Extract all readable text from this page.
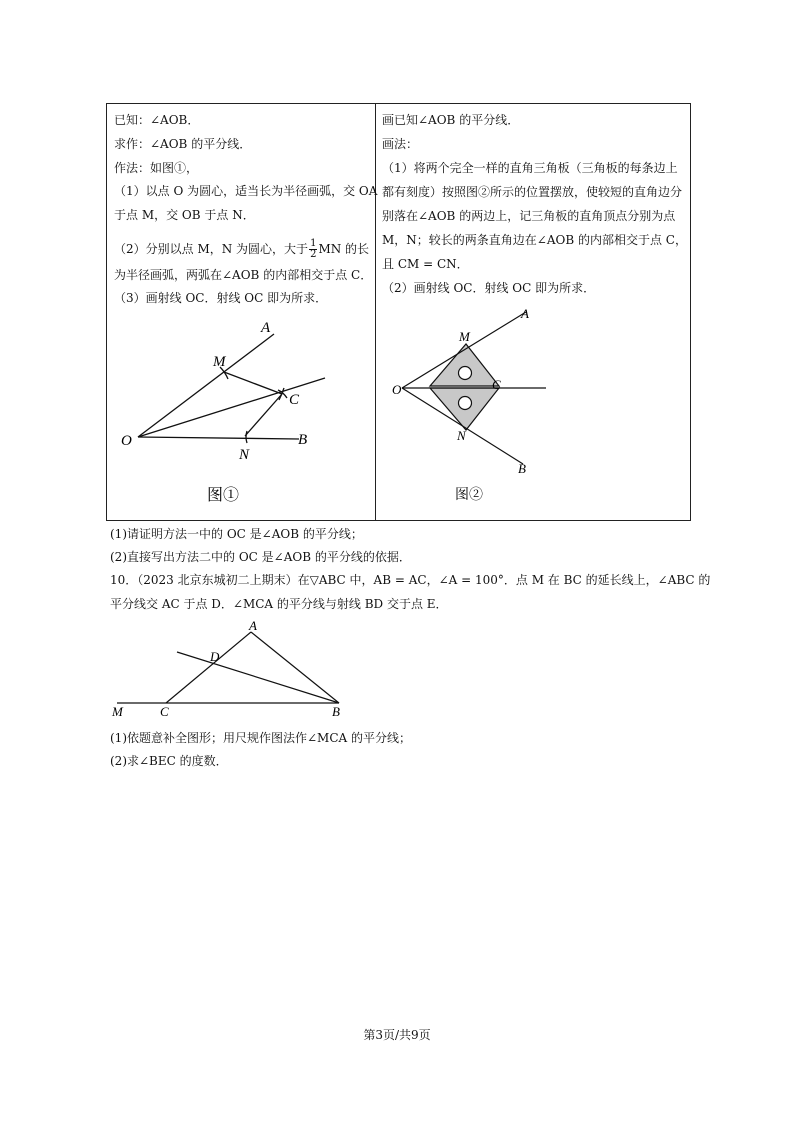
已知：∠AOB．
求作：∠AOB 的平分线．
作法：如图①，
（1）以点 O 为圆心，适当长为半径画弧，交 OA
于点 M，交 OB 于点 N．
（2）分别以点 M，N 为圆心，大于 $\frac{1}{2}$ MN 的长
为半径画弧，两弧在∠AOB 的内部相交于点 C．
（3）画射线 OC．射线 OC 即为所求．
A
M
C
O
N
B
图①
画已知∠AOB 的平分线．
画法：
（1）将两个完全一样的直角三角板（三角板的每条边上
都有刻度）按照图②所示的位置摆放，使较短的直角边分
别落在∠AOB 的两边上，记三角板的直角顶点分别为点
M，N；较长的两条直角边在∠AOB 的内部相交于点 C，
且 CM = CN．
（2）画射线 OC．射线 OC 即为所求．
A
M
O	C
N
B
图②
(1)请证明方法一中的 OC 是∠AOB 的平分线；
(2)直接写出方法二中的 OC 是∠AOB 的平分线的依据．
10．（2023 北京东城初二上期末）在▽ABC 中，AB = AC，∠A = 100°．点 M 在 BC 的延长线上，∠ABC 的
平分线交 AC 于点 D．∠MCA 的平分线与射线 BD 交于点 E．
A
D
M	C	B
(1)依题意补全图形；用尺规作图法作∠MCA 的平分线；
(2)求∠BEC 的度数．
第3页/共9页
